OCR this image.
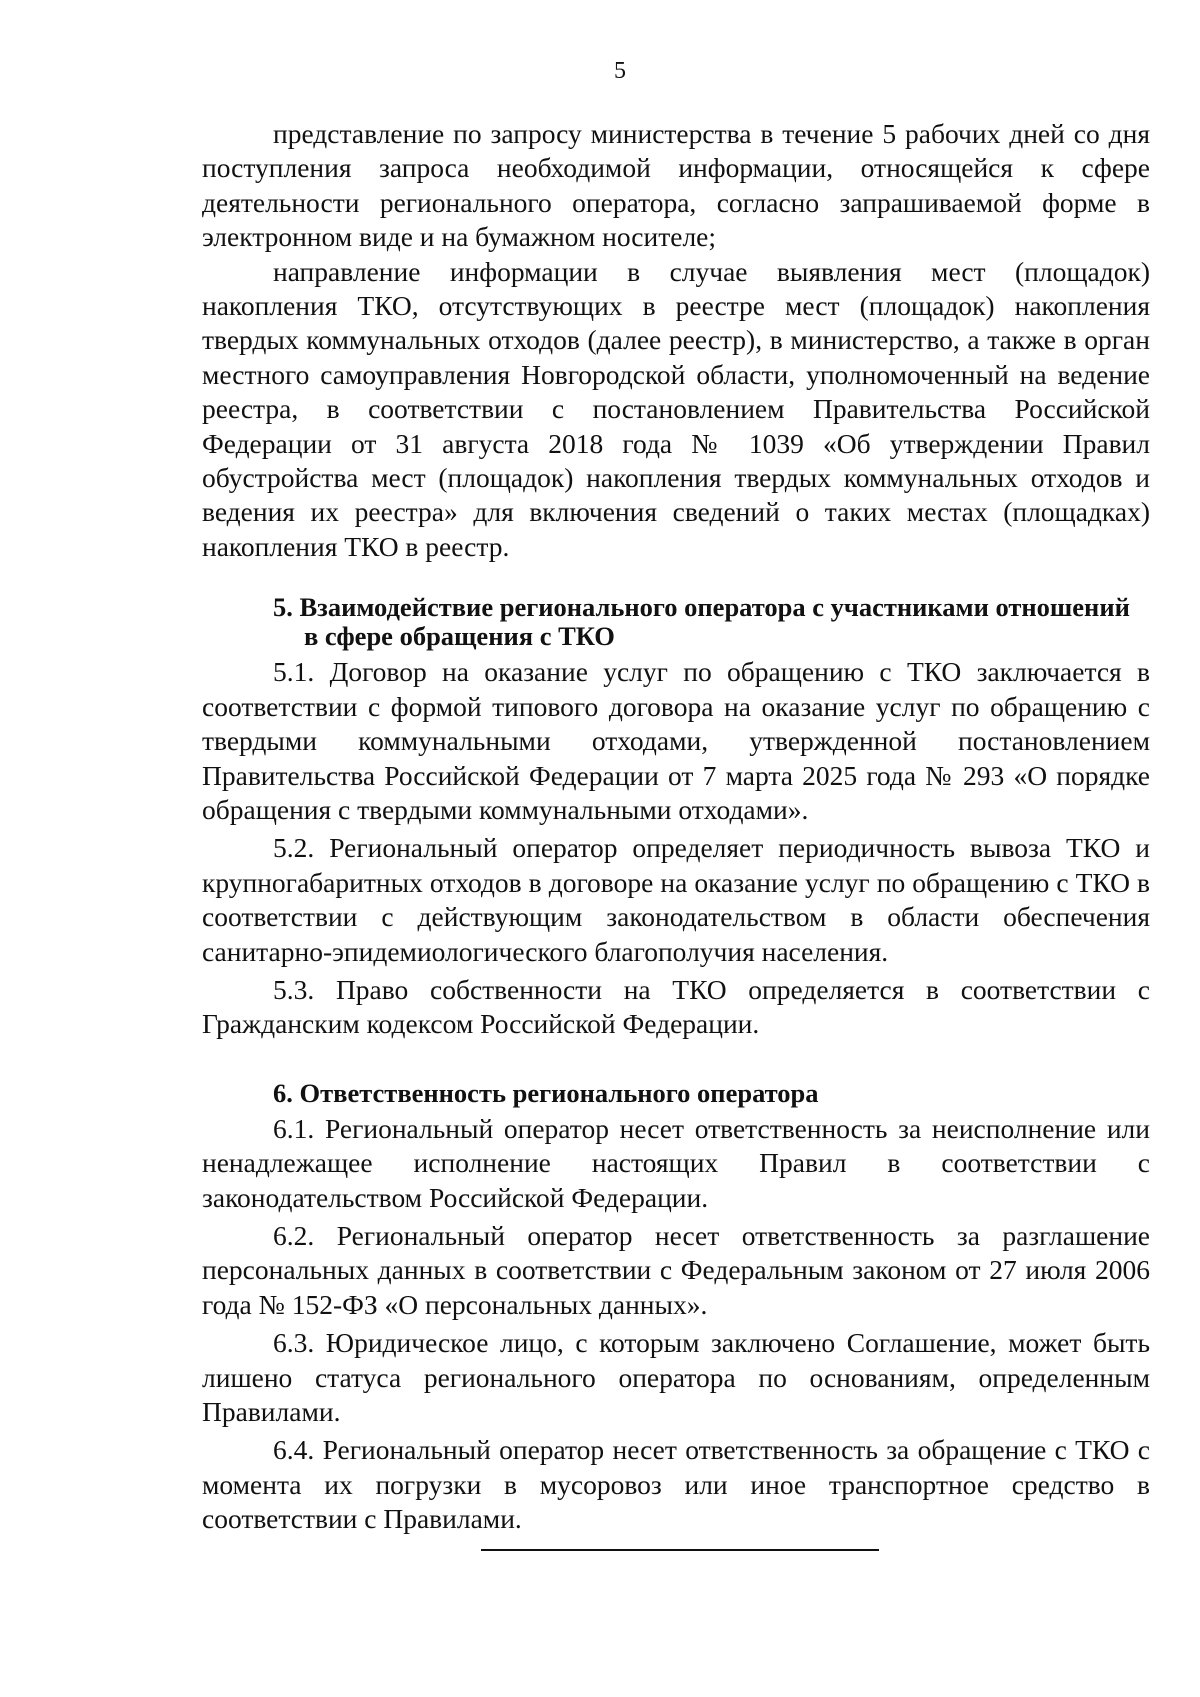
5

представление по запросу министерства в течение 5 рабочих дней со дня поступления запроса необходимой информации, относящейся к сфере деятельности регионального оператора, согласно запрашиваемой форме в электронном виде и на бумажном носителе;

направление информации в случае выявления мест (площадок) накопления ТКО, отсутствующих в реестре мест (площадок) накопления твердых коммунальных отходов (далее реестр), в министерство, а также в орган местного самоуправления Новгородской области, уполномоченный на ведение реестра, в соответствии с постановлением Правительства Российской Федерации от 31 августа 2018 года № 1039 «Об утверждении Правил обустройства мест (площадок) накопления твердых коммунальных отходов и ведения их реестра» для включения сведений о таких местах (площадках) накопления ТКО в реестр.

5. Взаимодействие регионального оператора с участниками отношений
в сфере обращения с ТКО

5.1. Договор на оказание услуг по обращению с ТКО заключается в соответствии с формой типового договора на оказание услуг по обращению с твердыми коммунальными отходами, утвержденной постановлением Правительства Российской Федерации от 7 марта 2025 года № 293 «О порядке обращения с твердыми коммунальными отходами».

5.2. Региональный оператор определяет периодичность вывоза ТКО и крупногабаритных отходов в договоре на оказание услуг по обращению с ТКО в соответствии с действующим законодательством в области обеспечения санитарно-эпидемиологического благополучия населения.

5.3. Право собственности на ТКО определяется в соответствии с Гражданским кодексом Российской Федерации.

6. Ответственность регионального оператора

6.1. Региональный оператор несет ответственность за неисполнение или ненадлежащее исполнение настоящих Правил в соответствии с законодательством Российской Федерации.

6.2. Региональный оператор несет ответственность за разглашение персональных данных в соответствии с Федеральным законом от 27 июля 2006 года № 152-ФЗ «О персональных данных».

6.3. Юридическое лицо, с которым заключено Соглашение, может быть лишено статуса регионального оператора по основаниям, определенным Правилами.

6.4. Региональный оператор несет ответственность за обращение с ТКО с момента их погрузки в мусоровоз или иное транспортное средство в соответствии с Правилами.
